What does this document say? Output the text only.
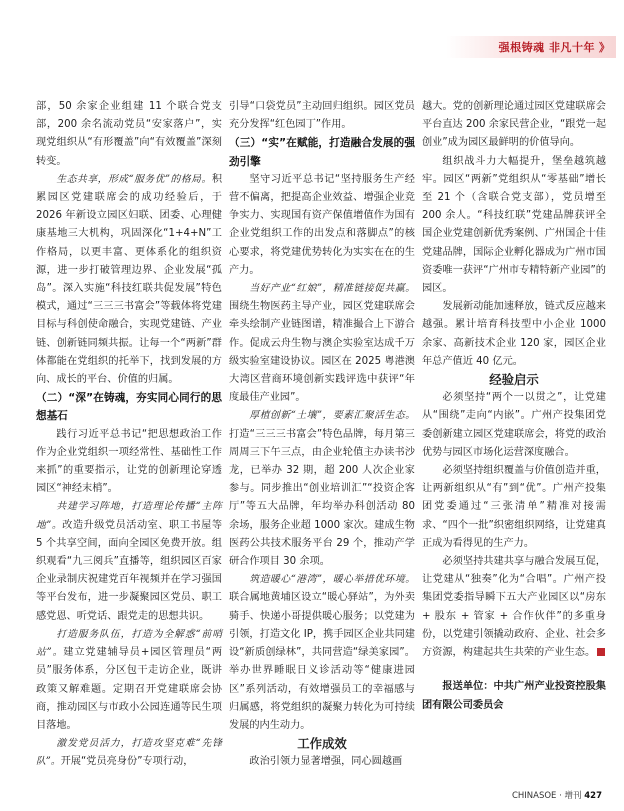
强根铸魂 非凡十年 》

部，50 余家企业组建 11 个联合党支部，200 余名流动党员“安家落户”，实现党组织从“有形覆盖”向“有效覆盖”深刻转变。

生态共享，形成“服务优”的格局。积累园区党建联席会的成功经验后，于 2026 年新设立园区妇联、团委、心理健康基地三大机构，巩固深化“1+4+N”工作格局，以更丰富、更体系化的组织资源，进一步打破管理边界、企业发展“孤岛”。深入实施“科技红联共促发展”特色模式，通过“三三三书富会”等载体将党建目标与科创使命融合，实现党建链、产业链、创新链同频共振。让每一个“两新”群体都能在党组织的托举下，找到发展的方向、成长的平台、价值的归属。

（二）“深”在铸魂，夯实同心同行的思想基石

践行习近平总书记“把思想政治工作作为企业党组织一项经常性、基础性工作来抓”的重要指示，让党的创新理论穿透园区“神经末梢”。

共建学习阵地，打造理论传播“主阵地”。改造升级党员活动室、职工书屋等 5 个共享空间，面向全园区免费开放。组织观看“九三阅兵”直播等，组织园区百家企业录制庆祝建党百年视频并在学习强国等平台发布，进一步凝聚园区党员、职工感党恩、听党话、跟党走的思想共识。

打造服务队伍，打造为全解惑“前哨站”。建立党建辅导员+园区管理员“两员”服务体系，分区包干走访企业，既讲政策又解难题。定期召开党建联席会协商，推动园区与市政小公园连通等民生项目落地。

激发党员活力，打造攻坚克难“先锋队”。开展“党员亮身份”专项行动，

引导“口袋党员”主动回归组织。园区党员充分发挥“红色园丁”作用。

（三）“实”在赋能，打造融合发展的强劲引擎

坚守习近平总书记“坚持服务生产经营不偏离，把提高企业效益、增强企业竞争实力、实现国有资产保值增值作为国有企业党组织工作的出发点和落脚点”的核心要求，将党建优势转化为实实在在的生产力。

当好产业“红娘”，精准链接促共赢。围绕生物医药主导产业，园区党建联席会牵头绘制产业链图谱，精准撮合上下游合作。促成云舟生物与澳企实验室达成千万级实验室建设协议。园区在 2025 粤港澳大湾区营商环境创新实践评选中获评“年度最佳产业园”。

厚植创新“土壤”，要素汇聚活生态。打造“三三三书富会”特色品牌，每月第三周周三下午三点，由企业轮值主办读书沙龙，已举办 32 期，超 200 人次企业家参与。同步推出“创业培训汇”“投资企客厅”等五大品牌，年均举办科创活动 80 余场，服务企业超 1000 家次。建成生物医药公共技术服务平台 29 个，推动产学研合作项目 30 余项。

筑造暖心“港湾”，暖心举措优环境。联合属地黄埔区设立“暖心驿站”，为外卖骑手、快递小哥提供暖心服务；以党建为引领，打造文化 IP，携手园区企业共同建设“新质创绿林”，共同营造“绿美家园”。举办世界睡眠日义诊活动等“健康进园区”系列活动，有效增强员工的幸福感与归属感，将党组织的凝聚力转化为可持续发展的内生动力。

工作成效

政治引领力显著增强，同心圆越画

越大。党的创新理论通过园区党建联席会平台直达 200 余家民营企业，“跟党一起创业”成为园区最鲜明的价值导向。

组织战斗力大幅提升，堡垒越筑越牢。园区“两新”党组织从“零基础”增长至 21 个（含联合党支部），党员增至 200 余人。“科技红联”党建品牌获评全国企业党建创新优秀案例、广州国企十佳党建品牌，国际企业孵化器成为广州市国资委唯一获评“广州市专精特新产业园”的园区。

发展新动能加速释放，链式反应越来越强。累计培育科技型中小企业 1000 余家、高新技术企业 120 家，园区企业年总产值近 40 亿元。

经验启示

必须坚持“两个一以贯之”，让党建从“围绕”走向“内嵌”。广州产投集团党委创新建立园区党建联席会，将党的政治优势与园区市场化运营深度融合。

必须坚持组织覆盖与价值创造并重，让两新组织从“有”到“优”。广州产投集团党委通过“三张清单”精准对接需求、“四个一批”织密组织网络，让党建真正成为看得见的生产力。

必须坚持共建共享与融合发展互促，让党建从“独奏”化为“合唱”。广州产投集团党委指导瞬下五大产业园区以“房东 + 股东 + 管家 + 合作伙伴”的多重身份，以党建引领撬动政府、企业、社会多方资源，构建起共生共荣的产业生态。

报送单位：中共广州产业投资控股集团有限公司委员会

CHINASOE · 增刊 427
